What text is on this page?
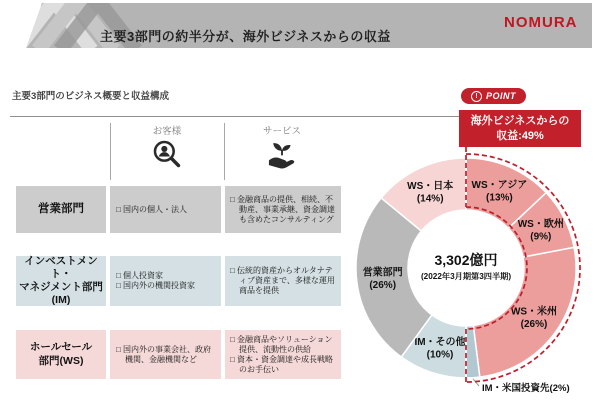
主要3部門の約半分が、海外ビジネスからの収益
NOMURA
主要3部門のビジネス概要と収益構成
お客様	サービス
営業部門	□ 国内の個人・法人
□ 金融商品の提供、相続、不動産、事業承継、資金調達も含めたコンサルティング
インベストメント・
マネジメント部門
(IM)
□ 個人投資家
□ 国内外の機関投資家
□ 伝統的資産からオルタナティブ資産まで、多様な運用商品を提供
ホールセール
部門(WS)
□ 国内外の事業会社、政府機関、金融機関など
□ 金融商品やソリューション提供、流動性の供給
□ 資本・資金調達や成長戦略のお手伝い
! POINT
海外ビジネスからの
収益:49%
WS・アジア(13%)
WS・欧州(9%)
WS・米州(26%)
IM・米国投資先(2%)
IM・その他(10%)
営業部門(26%)
WS・日本(14%)
3,302億円
(2022年3月期第3四半期)
